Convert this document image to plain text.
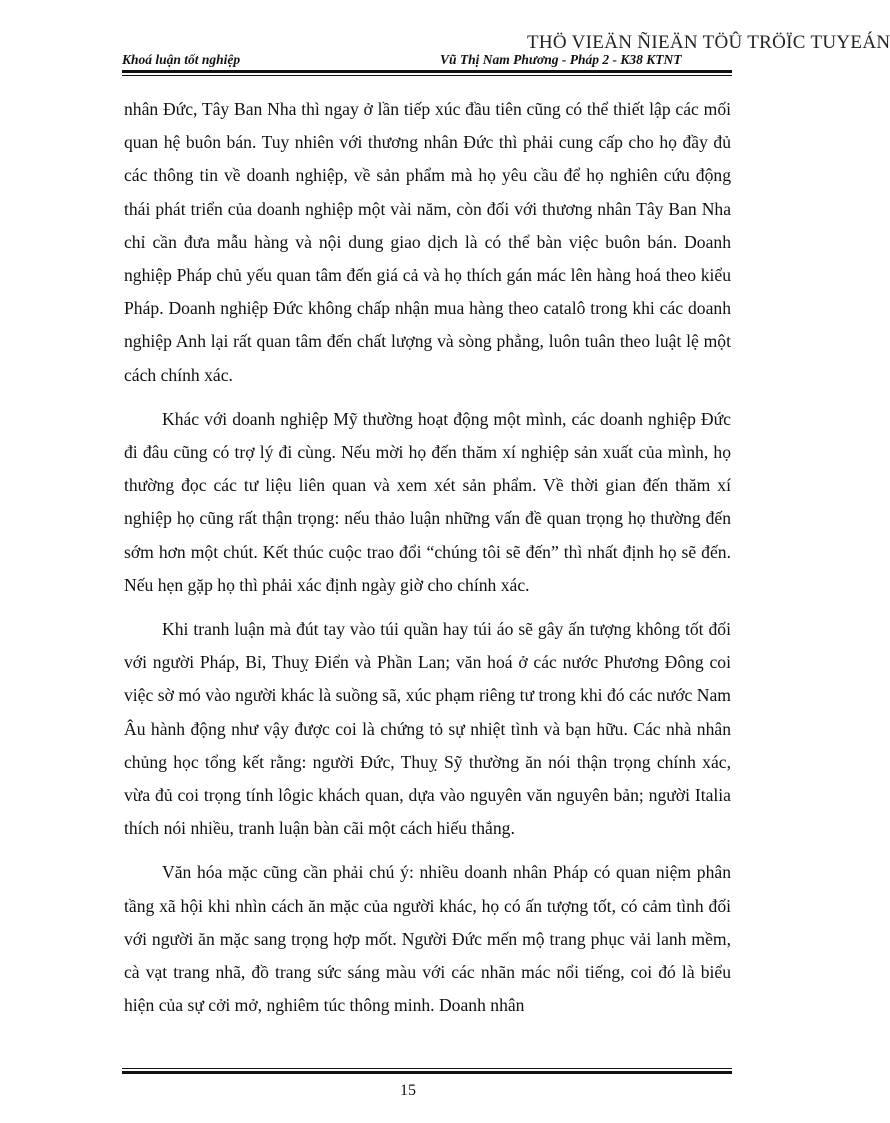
THÖ VIEÄN ÑIEÄN TÖÛ TRÖÏC TUYEÁN
Khoá luận tốt nghiệp	Vũ Thị Nam Phương - Pháp 2 - K38 KTNT

nhân Đức, Tây Ban Nha thì ngay ở lần tiếp xúc đầu tiên cũng có thể thiết lập các mối quan hệ buôn bán. Tuy nhiên với thương nhân Đức thì phải cung cấp cho họ đầy đủ các thông tin về doanh nghiệp, về sản phẩm mà họ yêu cầu để họ nghiên cứu động thái phát triển của doanh nghiệp một vài năm, còn đối với thương nhân Tây Ban Nha chỉ cần đưa mẫu hàng và nội dung giao dịch là có thể bàn việc buôn bán. Doanh nghiệp Pháp chủ yếu quan tâm đến giá cả và họ thích gán mác lên hàng hoá theo kiểu Pháp. Doanh nghiệp Đức không chấp nhận mua hàng theo catalô trong khi các doanh nghiệp Anh lại rất quan tâm đến chất lượng và sòng phẳng, luôn tuân theo luật lệ một cách chính xác.

Khác với doanh nghiệp Mỹ thường hoạt động một mình, các doanh nghiệp Đức đi đâu cũng có trợ lý đi cùng. Nếu mời họ đến thăm xí nghiệp sản xuất của mình, họ thường đọc các tư liệu liên quan và xem xét sản phẩm. Về thời gian đến thăm xí nghiệp họ cũng rất thận trọng: nếu thảo luận những vấn đề quan trọng họ thường đến sớm hơn một chút. Kết thúc cuộc trao đổi “chúng tôi sẽ đến” thì nhất định họ sẽ đến. Nếu hẹn gặp họ thì phải xác định ngày giờ cho chính xác.

Khi tranh luận mà đút tay vào túi quần hay túi áo sẽ gây ấn tượng không tốt đối với người Pháp, Bỉ, Thuỵ Điển và Phần Lan; văn hoá ở các nước Phương Đông coi việc sờ mó vào người khác là suồng sã, xúc phạm riêng tư trong khi đó các nước Nam Âu hành động như vậy được coi là chứng tỏ sự nhiệt tình và bạn hữu. Các nhà nhân chủng học tổng kết rằng: người Đức, Thuỵ Sỹ thường ăn nói thận trọng chính xác, vừa đủ coi trọng tính lôgic khách quan, dựa vào nguyên văn nguyên bản; người Italia thích nói nhiều, tranh luận bàn cãi một cách hiếu thắng.

Văn hóa mặc cũng cần phải chú ý: nhiều doanh nhân Pháp có quan niệm phân tầng xã hội khi nhìn cách ăn mặc của người khác, họ có ấn tượng tốt, có cảm tình đối với người ăn mặc sang trọng hợp mốt. Người Đức mến mộ trang phục vải lanh mềm, cà vạt trang nhã, đồ trang sức sáng màu với các nhãn mác nổi tiếng, coi đó là biểu hiện của sự cởi mở, nghiêm túc thông minh. Doanh nhân

15
